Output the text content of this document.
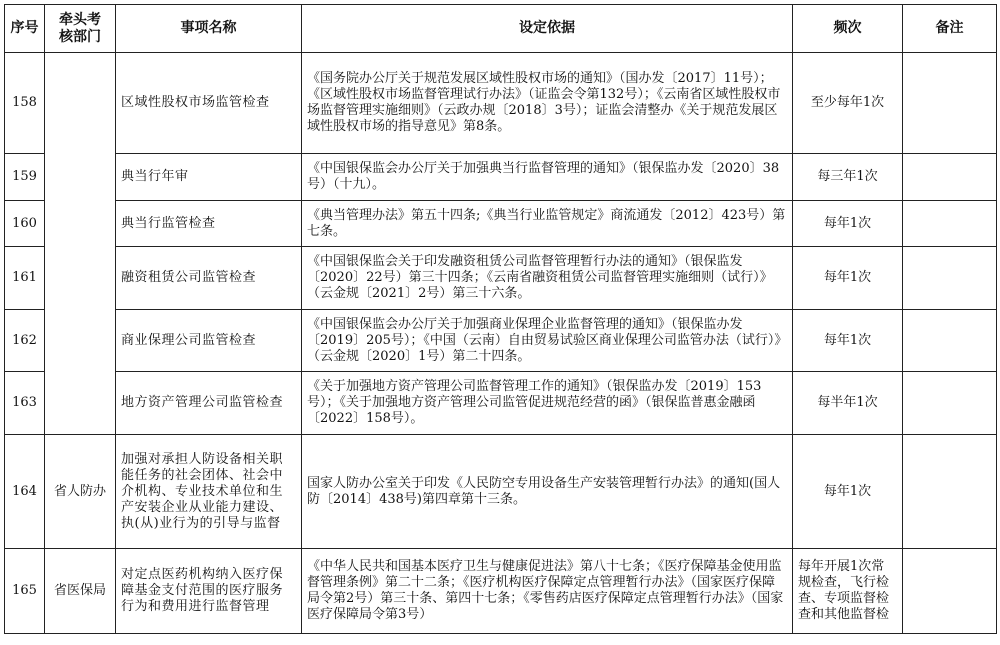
序号	牵头考核部门	事项名称	设定依据	频次	备注
158		区域性股权市场监管检查	《国务院办公厅关于规范发展区域性股权市场的通知》（国办发〔2017〕11号）；《区域性股权市场监督管理试行办法》（证监会令第132号）；《云南省区域性股权市场监督管理实施细则》（云政办规〔2018〕3号）；证监会清整办《关于规范发展区域性股权市场的指导意见》第8条。	至少每年1次	
159		典当行年审	《中国银保监会办公厅关于加强典当行监督管理的通知》（银保监办发〔2020〕38号）（十九）。	每三年1次	
160		典当行监管检查	《典当管理办法》第五十四条;《典当行业监管规定》商流通发〔2012〕423号）第七条。	每年1次	
161		融资租赁公司监管检查	《中国银保监会关于印发融资租赁公司监督管理暂行办法的通知》（银保监发〔2020〕22号）第三十四条；《云南省融资租赁公司监督管理实施细则（试行）》（云金规〔2021〕2号）第三十六条。	每年1次	
162		商业保理公司监管检查	《中国银保监会办公厅关于加强商业保理企业监督管理的通知》（银保监办发〔2019〕205号）；《中国（云南）自由贸易试验区商业保理公司监管办法（试行）》（云金规〔2020〕1号）第二十四条。	每年1次	
163		地方资产管理公司监管检查	《关于加强地方资产管理公司监督管理工作的通知》（银保监办发〔2019〕153号）；《关于加强地方资产管理公司监管促进规范经营的函》（银保监普惠金融函〔2022〕158号）。	每半年1次	
164	省人防办	加强对承担人防设备相关职能任务的社会团体、社会中介机构、专业技术单位和生产安装企业从业能力建设、执(从)业行为的引导与监督	国家人防办公室关于印发《人民防空专用设备生产安装管理暂行办法》的通知(国人防〔2014〕438号)第四章第十三条。	每年1次	
165	省医保局	对定点医药机构纳入医疗保障基金支付范围的医疗服务行为和费用进行监督管理	《中华人民共和国基本医疗卫生与健康促进法》第八十七条；《医疗保障基金使用监督管理条例》第二十二条；《医疗机构医疗保障定点管理暂行办法》（国家医疗保障局令第2号）第三十条、第四十七条；《零售药店医疗保障定点管理暂行办法》（国家医疗保障局令第3号）	每年开展1次常规检查，飞行检查、专项监督检查和其他监督检	
